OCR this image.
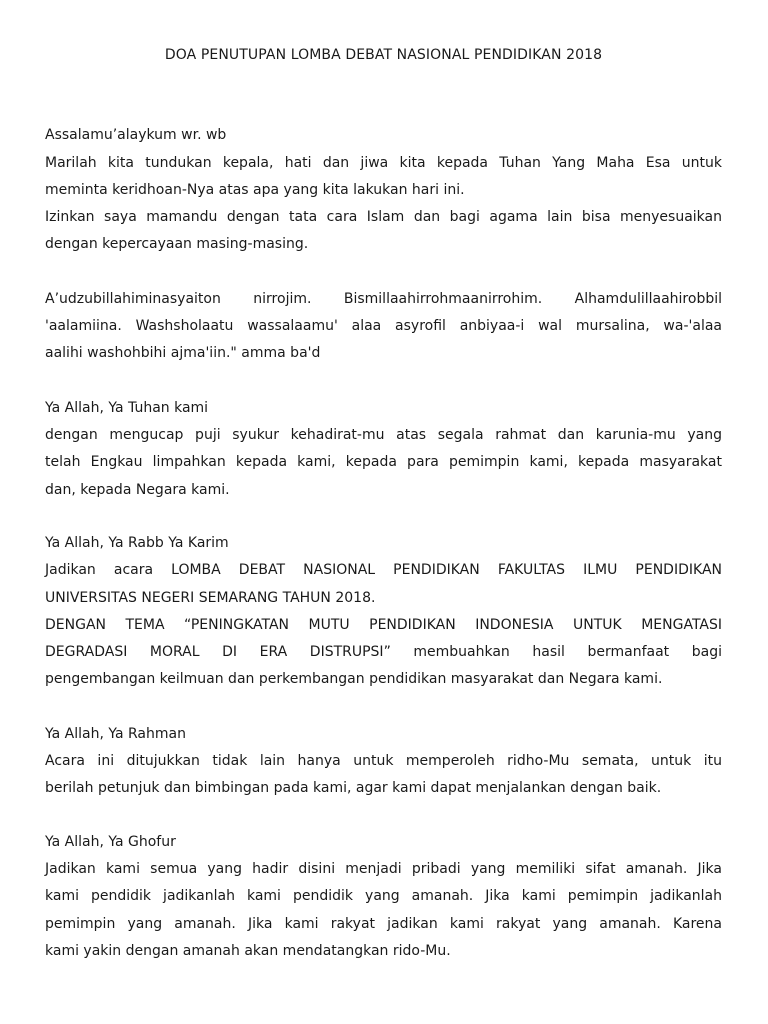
DOA PENUTUPAN LOMBA DEBAT NASIONAL PENDIDIKAN 2018
Assalamu’alaykum wr. wb
Marilah kita tundukan kepala, hati dan jiwa kita kepada Tuhan Yang Maha Esa untuk
meminta keridhoan-Nya atas apa yang kita lakukan hari ini.
Izinkan saya mamandu dengan tata cara Islam dan bagi agama lain bisa menyesuaikan
dengan kepercayaan masing-masing.
A’udzubillahiminasyaiton nirrojim. Bismillaahirrohmaanirrohim. Alhamdulillaahirobbil
'aalamiina. Washsholaatu wassalaamu' alaa asyrofil anbiyaa-i wal mursalina, wa-'alaa
aalihi washohbihi ajma'iin." amma ba'd
Ya Allah, Ya Tuhan kami
dengan mengucap puji syukur kehadirat-mu atas segala rahmat dan karunia-mu yang
telah Engkau limpahkan kepada kami, kepada para pemimpin kami, kepada masyarakat
dan, kepada Negara kami.
Ya Allah, Ya Rabb Ya Karim
Jadikan acara LOMBA DEBAT NASIONAL PENDIDIKAN FAKULTAS ILMU PENDIDIKAN
UNIVERSITAS NEGERI SEMARANG TAHUN 2018.
DENGAN TEMA “PENINGKATAN MUTU PENDIDIKAN INDONESIA UNTUK MENGATASI
DEGRADASI MORAL DI ERA DISTRUPSI” membuahkan hasil bermanfaat bagi
pengembangan keilmuan dan perkembangan pendidikan masyarakat dan Negara kami.
Ya Allah, Ya Rahman
Acara ini ditujukkan tidak lain hanya untuk memperoleh ridho-Mu semata, untuk itu
berilah petunjuk dan bimbingan pada kami, agar kami dapat menjalankan dengan baik.
Ya Allah, Ya Ghofur
Jadikan kami semua yang hadir disini menjadi pribadi yang memiliki sifat amanah. Jika
kami pendidik jadikanlah kami pendidik yang amanah. Jika kami pemimpin jadikanlah
pemimpin yang amanah. Jika kami rakyat jadikan kami rakyat yang amanah. Karena
kami yakin dengan amanah akan mendatangkan rido-Mu.
